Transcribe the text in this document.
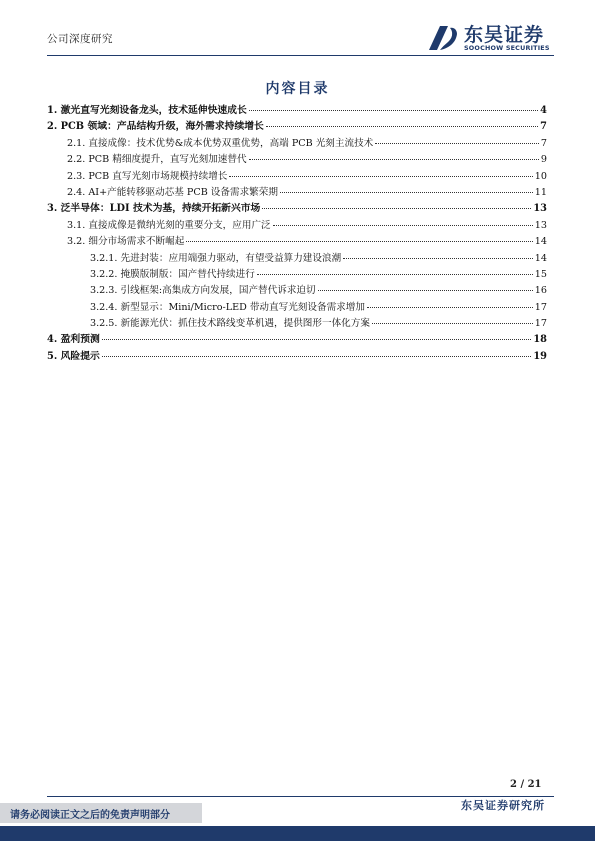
公司深度研究	东吴证券
SOOCHOW SECURITIES
内容目录
1. 激光直写光刻设备龙头，技术延伸快速成长	4
2. PCB 领域：产品结构升级，海外需求持续增长	7
2.1. 直接成像：技术优势&成本优势双重优势，高端 PCB 光刻主流技术	7
2.2. PCB 精细度提升，直写光刻加速替代	9
2.3. PCB 直写光刻市场规模持续增长	10
2.4. AI+产能转移驱动芯基 PCB 设备需求繁荣期	11
3. 泛半导体：LDI 技术为基，持续开拓新兴市场	13
3.1. 直接成像是微纳光刻的重要分支，应用广泛	13
3.2. 细分市场需求不断崛起	14
3.2.1. 先进封装：应用端强力驱动，有望受益算力建设浪潮	14
3.2.2. 掩膜版制版：国产替代持续进行	15
3.2.3. 引线框架:高集成方向发展，国产替代诉求迫切	16
3.2.4. 新型显示：Mini/Micro-LED 带动直写光刻设备需求增加	17
3.2.5. 新能源光伏：抓住技术路线变革机遇，提供图形一体化方案	17
4. 盈利预测	18
5. 风险提示	19
2 / 21
请务必阅读正文之后的免责声明部分
东吴证券研究所
